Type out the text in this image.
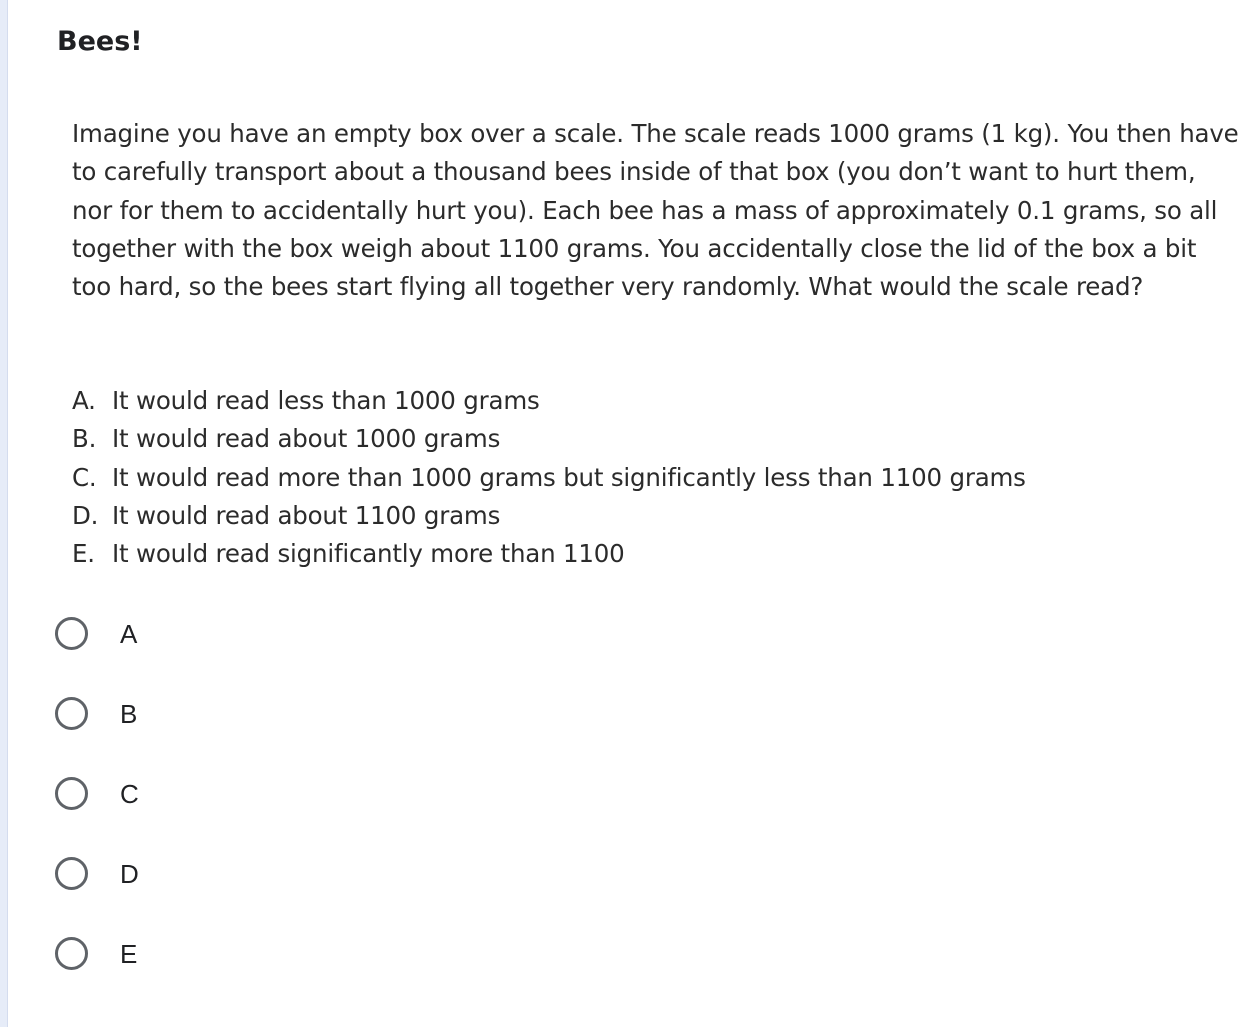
Bees!
Imagine you have an empty box over a scale. The scale reads 1000 grams (1 kg). You then have to carefully transport about a thousand bees inside of that box (you don’t want to hurt them, nor for them to accidentally hurt you). Each bee has a mass of approximately 0.1 grams, so all together with the box weigh about 1100 grams. You accidentally close the lid of the box a bit too hard, so the bees start flying all together very randomly. What would the scale read?
A. It would read less than 1000 grams
B. It would read about 1000 grams
C. It would read more than 1000 grams but significantly less than 1100 grams
D. It would read about 1100 grams
E. It would read significantly more than 1100
A
B
C
D
E
